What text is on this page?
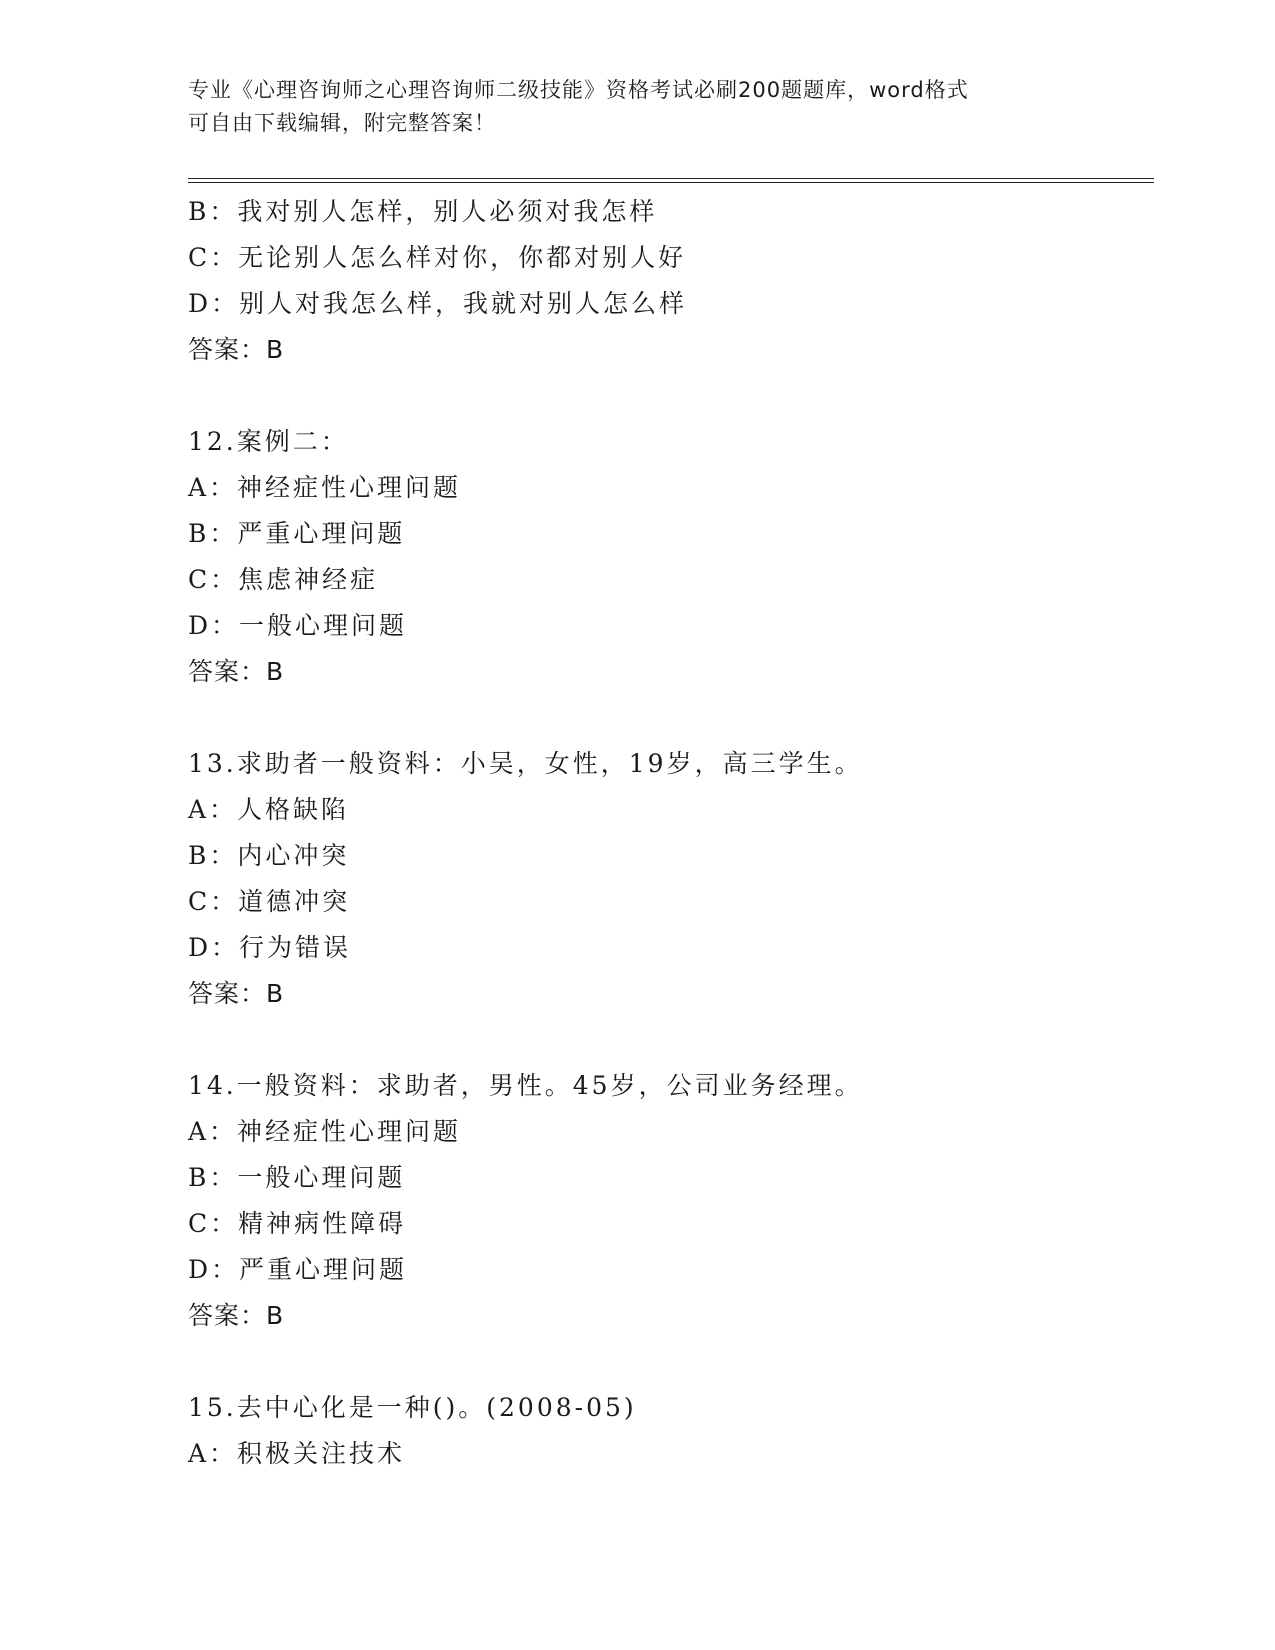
专业《心理咨询师之心理咨询师二级技能》资格考试必刷200题题库，word格式
可自由下载编辑，附完整答案！
B：我对别人怎样，别人必须对我怎样
C：无论别人怎么样对你，你都对别人好
D：别人对我怎么样，我就对别人怎么样
答案：B
12.案例二：
A：神经症性心理问题
B：严重心理问题
C：焦虑神经症
D：一般心理问题
答案：B
13.求助者一般资料：小吴，女性，19岁，高三学生。
A：人格缺陷
B：内心冲突
C：道德冲突
D：行为错误
答案：B
14.一般资料：求助者，男性。45岁，公司业务经理。
A：神经症性心理问题
B：一般心理问题
C：精神病性障碍
D：严重心理问题
答案：B
15.去中心化是一种()。(2008-05)
A：积极关注技术
